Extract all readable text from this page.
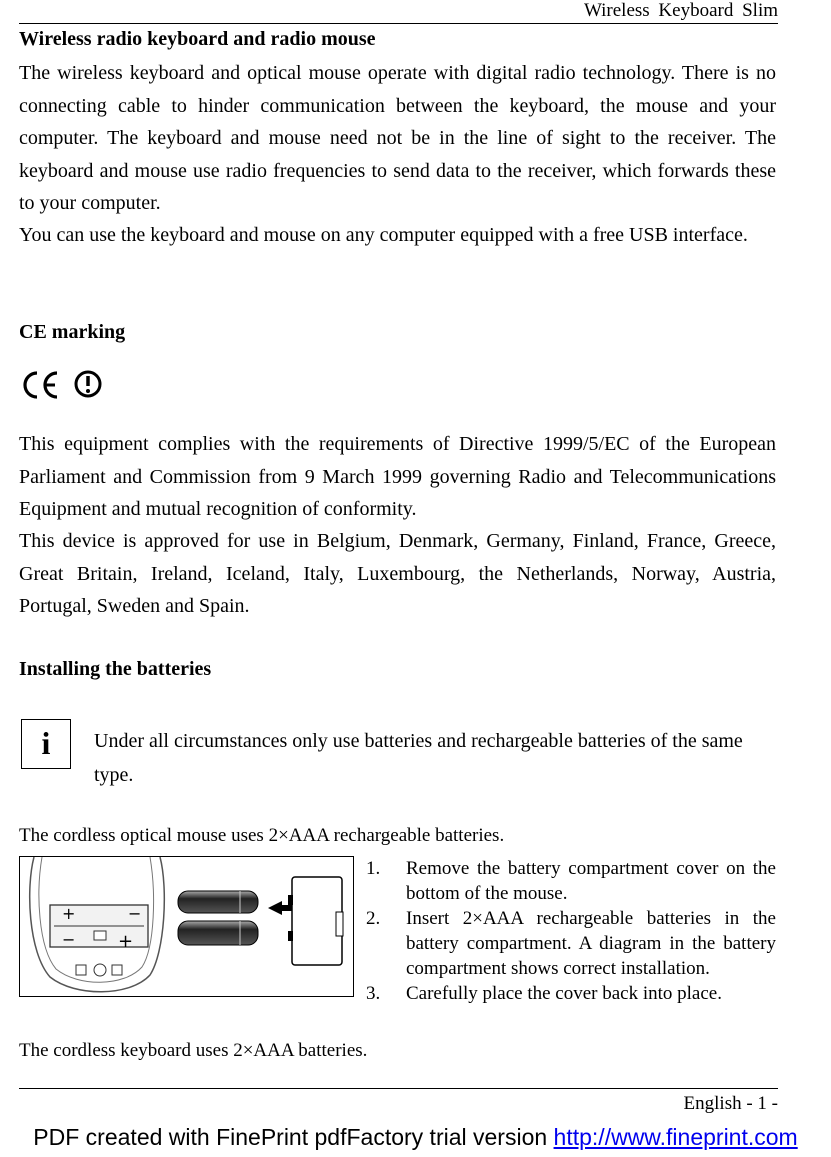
Wireless Keyboard Slim
Wireless radio keyboard and radio mouse
The wireless keyboard and optical mouse operate with digital radio technology. There is no connecting cable to hinder communication between the keyboard, the mouse and your computer. The keyboard and mouse need not be in the line of sight to the receiver. The keyboard and mouse use radio frequencies to send data to the receiver, which forwards these to your computer.
You can use the keyboard and mouse on any computer equipped with a free USB interface.
CE marking
This equipment complies with the requirements of Directive 1999/5/EC of the European Parliament and Commission from 9 March 1999 governing Radio and Telecommunications Equipment and mutual recognition of conformity.
This device is approved for use in Belgium, Denmark, Germany, Finland, France, Greece, Great Britain, Ireland, Iceland, Italy, Luxembourg, the Netherlands, Norway, Austria, Portugal, Sweden and Spain.
Installing the batteries
i	Under all circumstances only use batteries and rechargeable batteries of the same type.
The cordless optical mouse uses 2×AAA rechargeable batteries.
+	−
− +
1. Remove the battery compartment cover on the bottom of the mouse.
2. Insert 2×AAA rechargeable batteries in the battery compartment. A diagram in the battery compartment shows correct installation.
3. Carefully place the cover back into place.
The cordless keyboard uses 2×AAA batteries.
English - 1 -
PDF created with FinePrint pdfFactory trial version http://www.fineprint.com
